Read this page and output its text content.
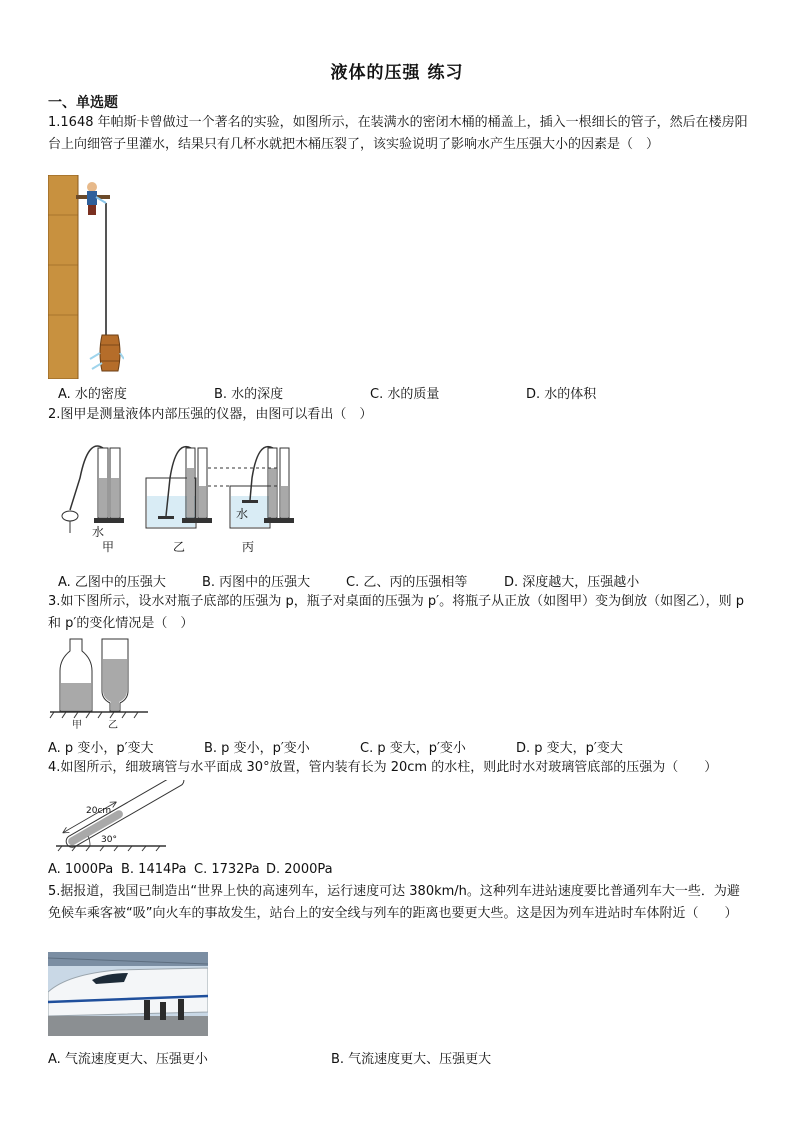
液体的压强 练习
一、单选题
1.1648 年帕斯卡曾做过一个著名的实验，如图所示，在装满水的密闭木桶的桶盖上，插入一根细长的管子，然后在楼房阳台上向细管子里灌水，结果只有几杯水就把木桶压裂了，该实验说明了影响水产生压强大小的因素是（　）
A. 水的密度	B. 水的深度	C. 水的质量	D. 水的体积
2.图甲是测量液体内部压强的仪器，由图可以看出（　）
水
水
甲	乙	丙
A. 乙图中的压强大	B. 丙图中的压强大	C. 乙、丙的压强相等	D. 深度越大，压强越小
3.如下图所示，设水对瓶子底部的压强为 p，瓶子对桌面的压强为 p′。将瓶子从正放（如图甲）变为倒放（如图乙），则 p 和 p′的变化情况是（　）
甲	乙
A. p 变小，p′变大	B. p 变小，p′变小	C. p 变大，p′变小	D. p 变大，p′变大
4.如图所示，细玻璃管与水平面成 30°放置，管内装有长为 20cm 的水柱，则此时水对玻璃管底部的压强为（　　）
20cm
30°
A. 1000Pa B. 1414Pa C. 1732Pa D. 2000Pa
5.据报道，我国已制造出“世界上快的高速列车，运行速度可达 380km/h。这种列车进站速度要比普通列车大一些．为避免候车乘客被“吸”向火车的事故发生，站台上的安全线与列车的距离也要更大些。这是因为列车进站时车体附近（　　）
A. 气流速度更大、压强更小	B. 气流速度更大、压强更大
